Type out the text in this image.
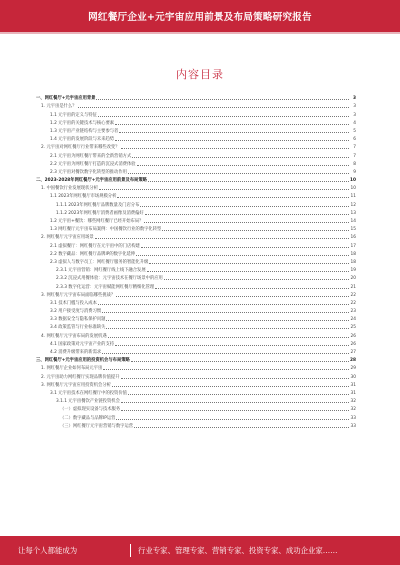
网红餐厅企业+元宇宙应用前景及布局策略研究报告
内容目录
一、网红餐厅+元宇宙应用背景	3
1. 元宇宙是什么？	3
1.1 元宇宙的定义与特征	3
1.2 元宇宙的关键技术与核心要素	4
1.3 元宇宙产业链结构与主要参与者	5
1.4 元宇宙的发展阶段与未来趋势	6
2. 元宇宙对网红餐厅行业带来哪些改变？	7
2.1 元宇宙为网红餐厅带来的全新营销方式	7
2.2 元宇宙为网红餐厅打造的沉浸式消费体验	8
2.3 元宇宙对餐饮数字化转型的推动作用	9
二、2023-2028年网红餐厅+元宇宙应用前景及布局策略	10
1. 中国餐饮行业发展现状分析	10
1.1 2023年网红餐厅市场规模分析	11
1.1.1 2023年网红餐厅品牌数量及门店分布	12
1.1.2 2023年网红餐厅消费者画像及消费偏好	13
1.2 元宇宙+餐饮：哪些网红餐厅已经开始布局？	14
1.3 网红餐厅元宇宙布局案例：中国餐饮行业的数字化转型	15
2. 网红餐厅元宇宙应用场景	16
2.1 虚拟餐厅：网红餐厅在元宇宙中的门店构建	17
2.2 数字藏品：网红餐厅品牌IP的数字化延伸	18
2.3 虚拟人与数字员工：网红餐厅服务的智能化升级	18
2.3.1 元宇宙营销：网红餐厅线上线下融合发展	19
2.3.2 沉浸式用餐体验：元宇宙技术在餐厅场景中的应用	20
2.3.3 数字化运营：元宇宙赋能网红餐厅精细化管理	21
3. 网红餐厅元宇宙布局面临哪些挑战？	22
3.1 技术门槛与投入成本	22
3.2 用户接受度与消费习惯	23
3.3 数据安全与隐私保护问题	24
3.4 政策监管与行业标准缺失	25
4. 网红餐厅元宇宙布局的发展机遇	26
4.1 国家政策对元宇宙产业的支持	26
4.2 消费升级带来的新需求	27
三、网红餐厅+元宇宙应用的投资机会与布局策略	28
1. 网红餐厅企业如何布局元宇宙	29
2. 元宇宙助力网红餐厅实现品牌价值提升	30
3. 网红餐厅元宇宙应用投资机会分析	31
3.1 元宇宙技术在网红餐厅中的投资价值	31
3.1.1 元宇宙餐饮产业链投资机会	32
（一）虚拟现实设备与技术服务	32
（二）数字藏品与品牌IP运营	33
（三）网红餐厅元宇宙营销与数字运营	33
让每个人都能成为	行业专家、管理专家、营销专家、投资专家、成功企业家……
